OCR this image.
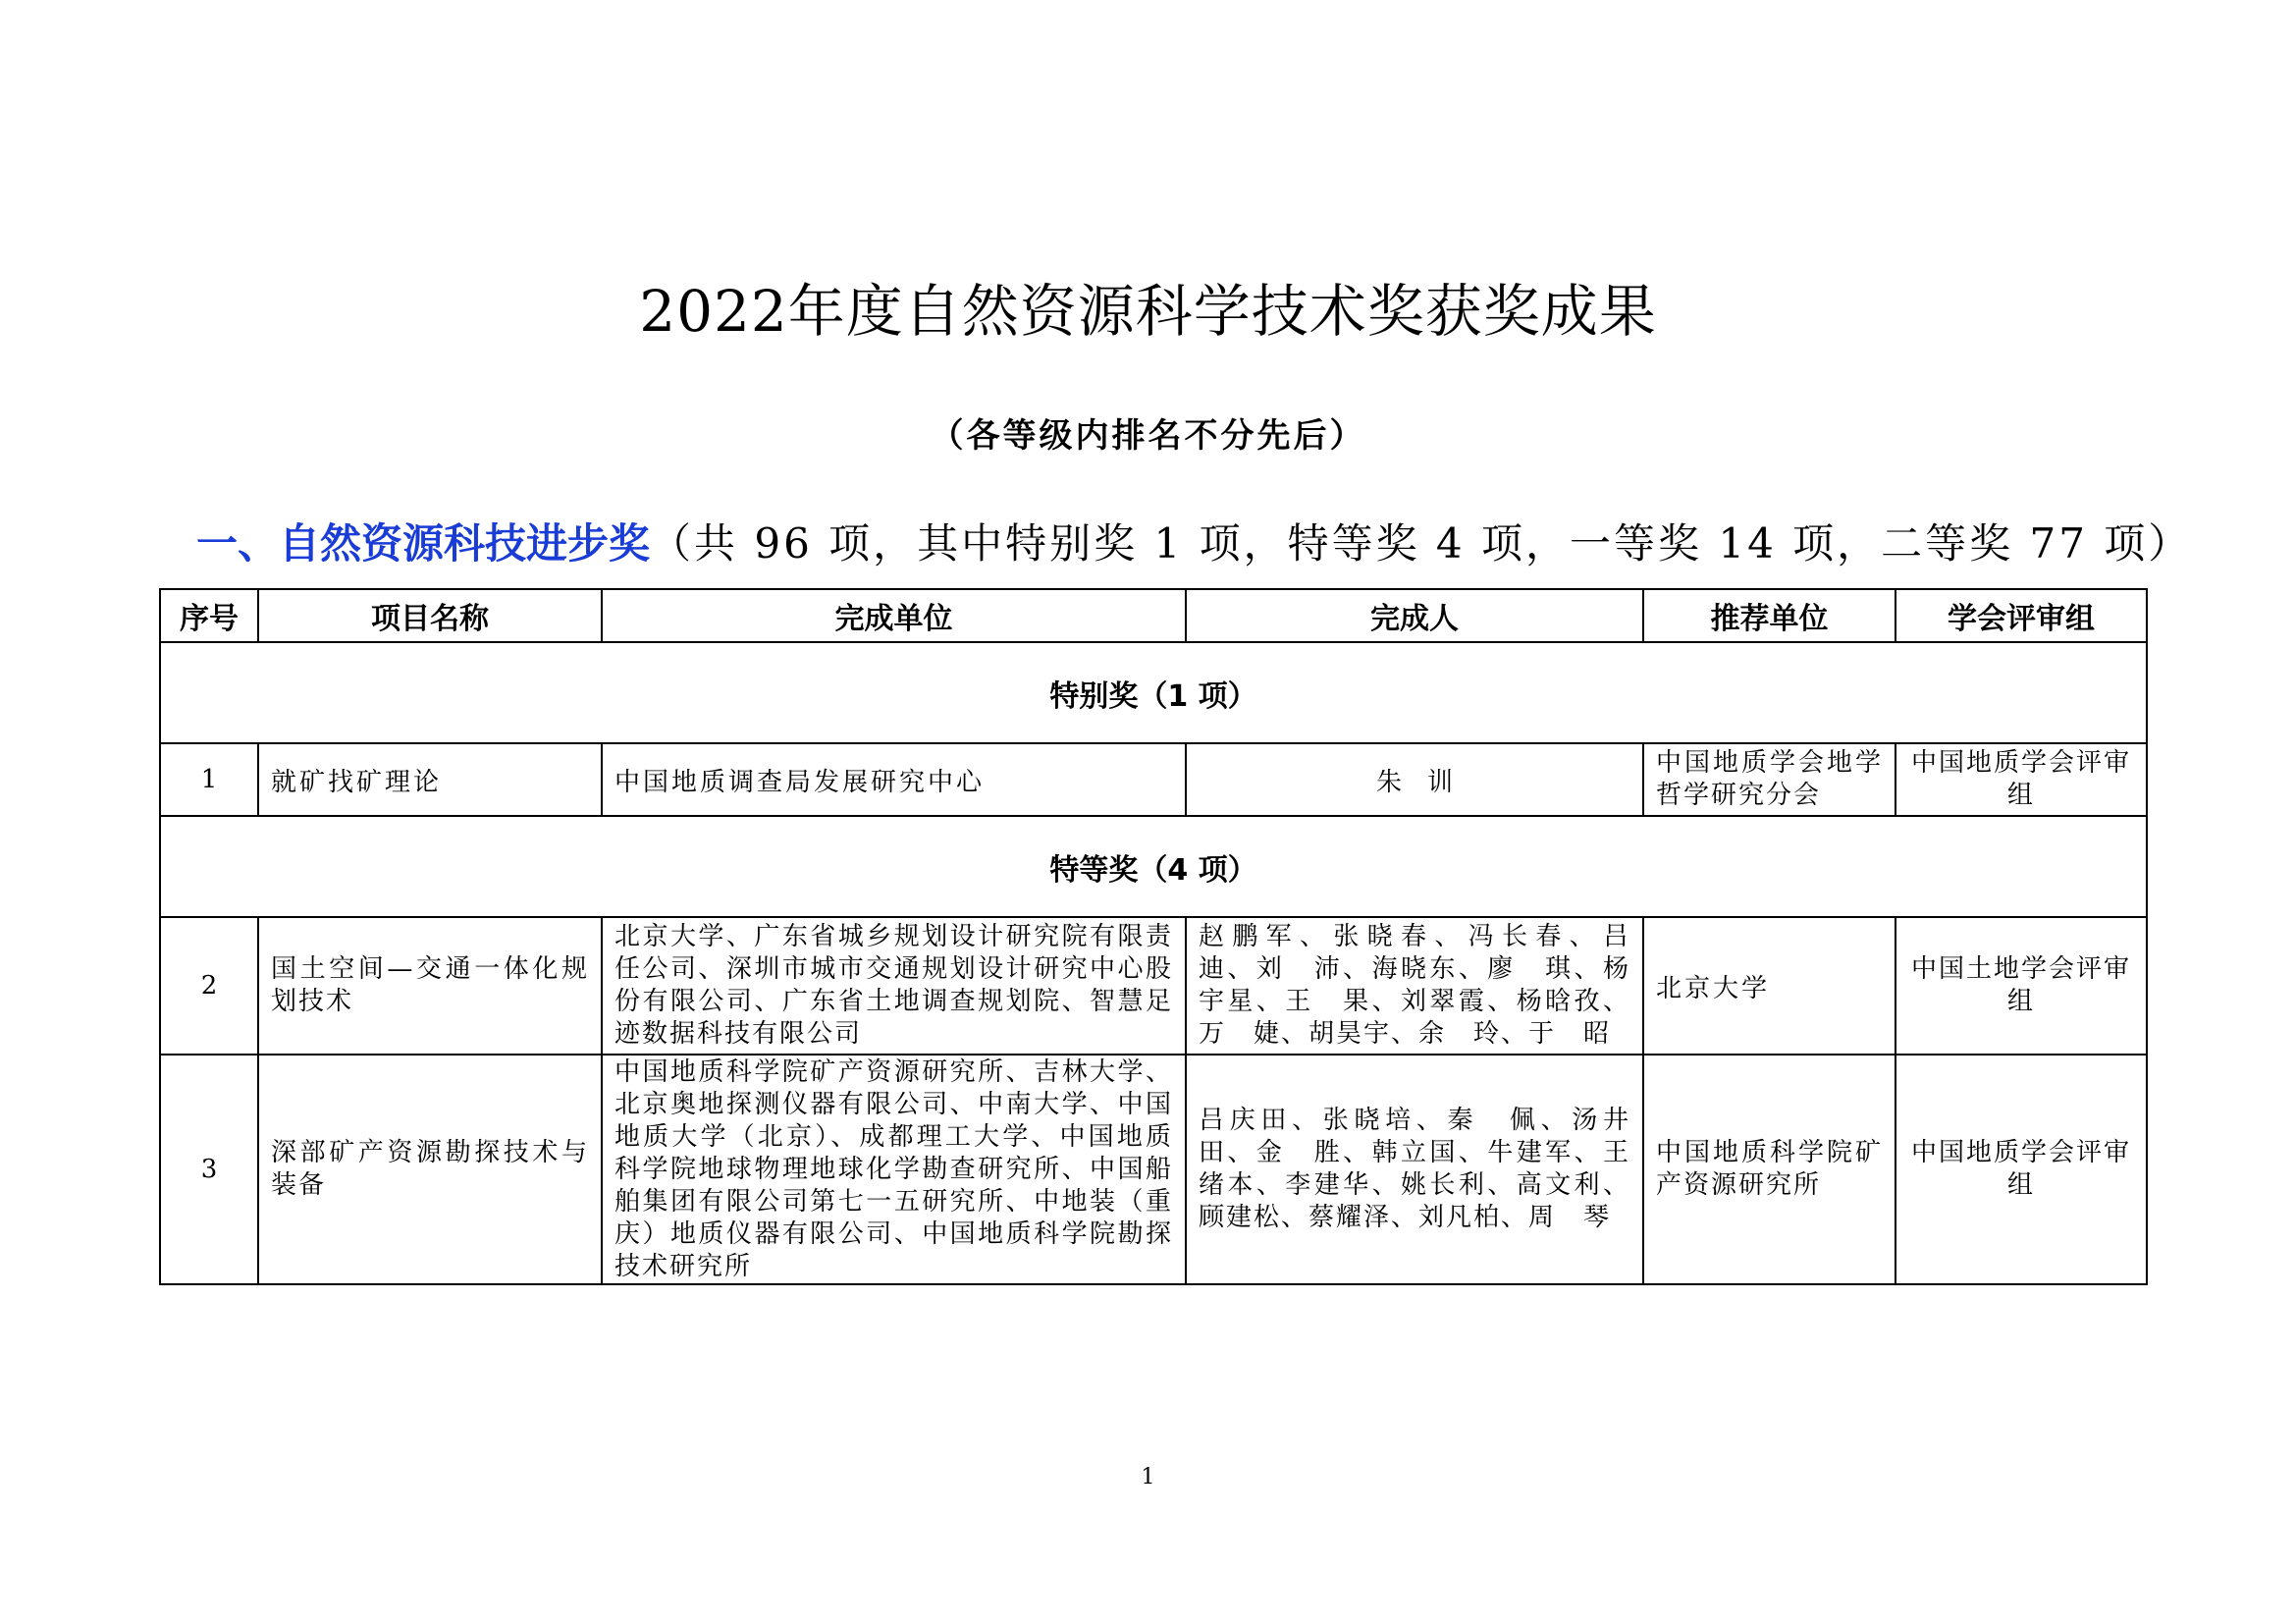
2022年度自然资源科学技术奖获奖成果
（各等级内排名不分先后）
一、自然资源科技进步奖（共 96 项，其中特别奖 1 项，特等奖 4 项，一等奖 14 项，二等奖 77 项）
序号	项目名称	完成单位	完成人	推荐单位	学会评审组
特别奖（1 项）					
1	就矿找矿理论	中国地质调查局发展研究中心	朱　训	中国地质学会地学哲学研究分会	中国地质学会评审组
特等奖（4 项）					
2	国土空间—交通一体化规划技术	北京大学、广东省城乡规划设计研究院有限责任公司、深圳市城市交通规划设计研究中心股份有限公司、广东省土地调查规划院、智慧足迹数据科技有限公司	赵鹏军、张晓春、冯长春、吕　迪、刘　沛、海晓东、廖　琪、杨宇星、王　果、刘翠霞、杨晗孜、万　婕、胡昊宇、余　玲、于　昭	北京大学	中国土地学会评审组
3	深部矿产资源勘探技术与装备	中国地质科学院矿产资源研究所、吉林大学、北京奥地探测仪器有限公司、中南大学、中国地质大学（北京）、成都理工大学、中国地质科学院地球物理地球化学勘查研究所、中国船舶集团有限公司第七一五研究所、中地装（重庆）地质仪器有限公司、中国地质科学院勘探技术研究所	吕庆田、张晓培、秦　佩、汤井田、金　胜、韩立国、牛建军、王绪本、李建华、姚长利、高文利、顾建松、蔡耀泽、刘凡柏、周　琴	中国地质科学院矿产资源研究所	中国地质学会评审组
1
